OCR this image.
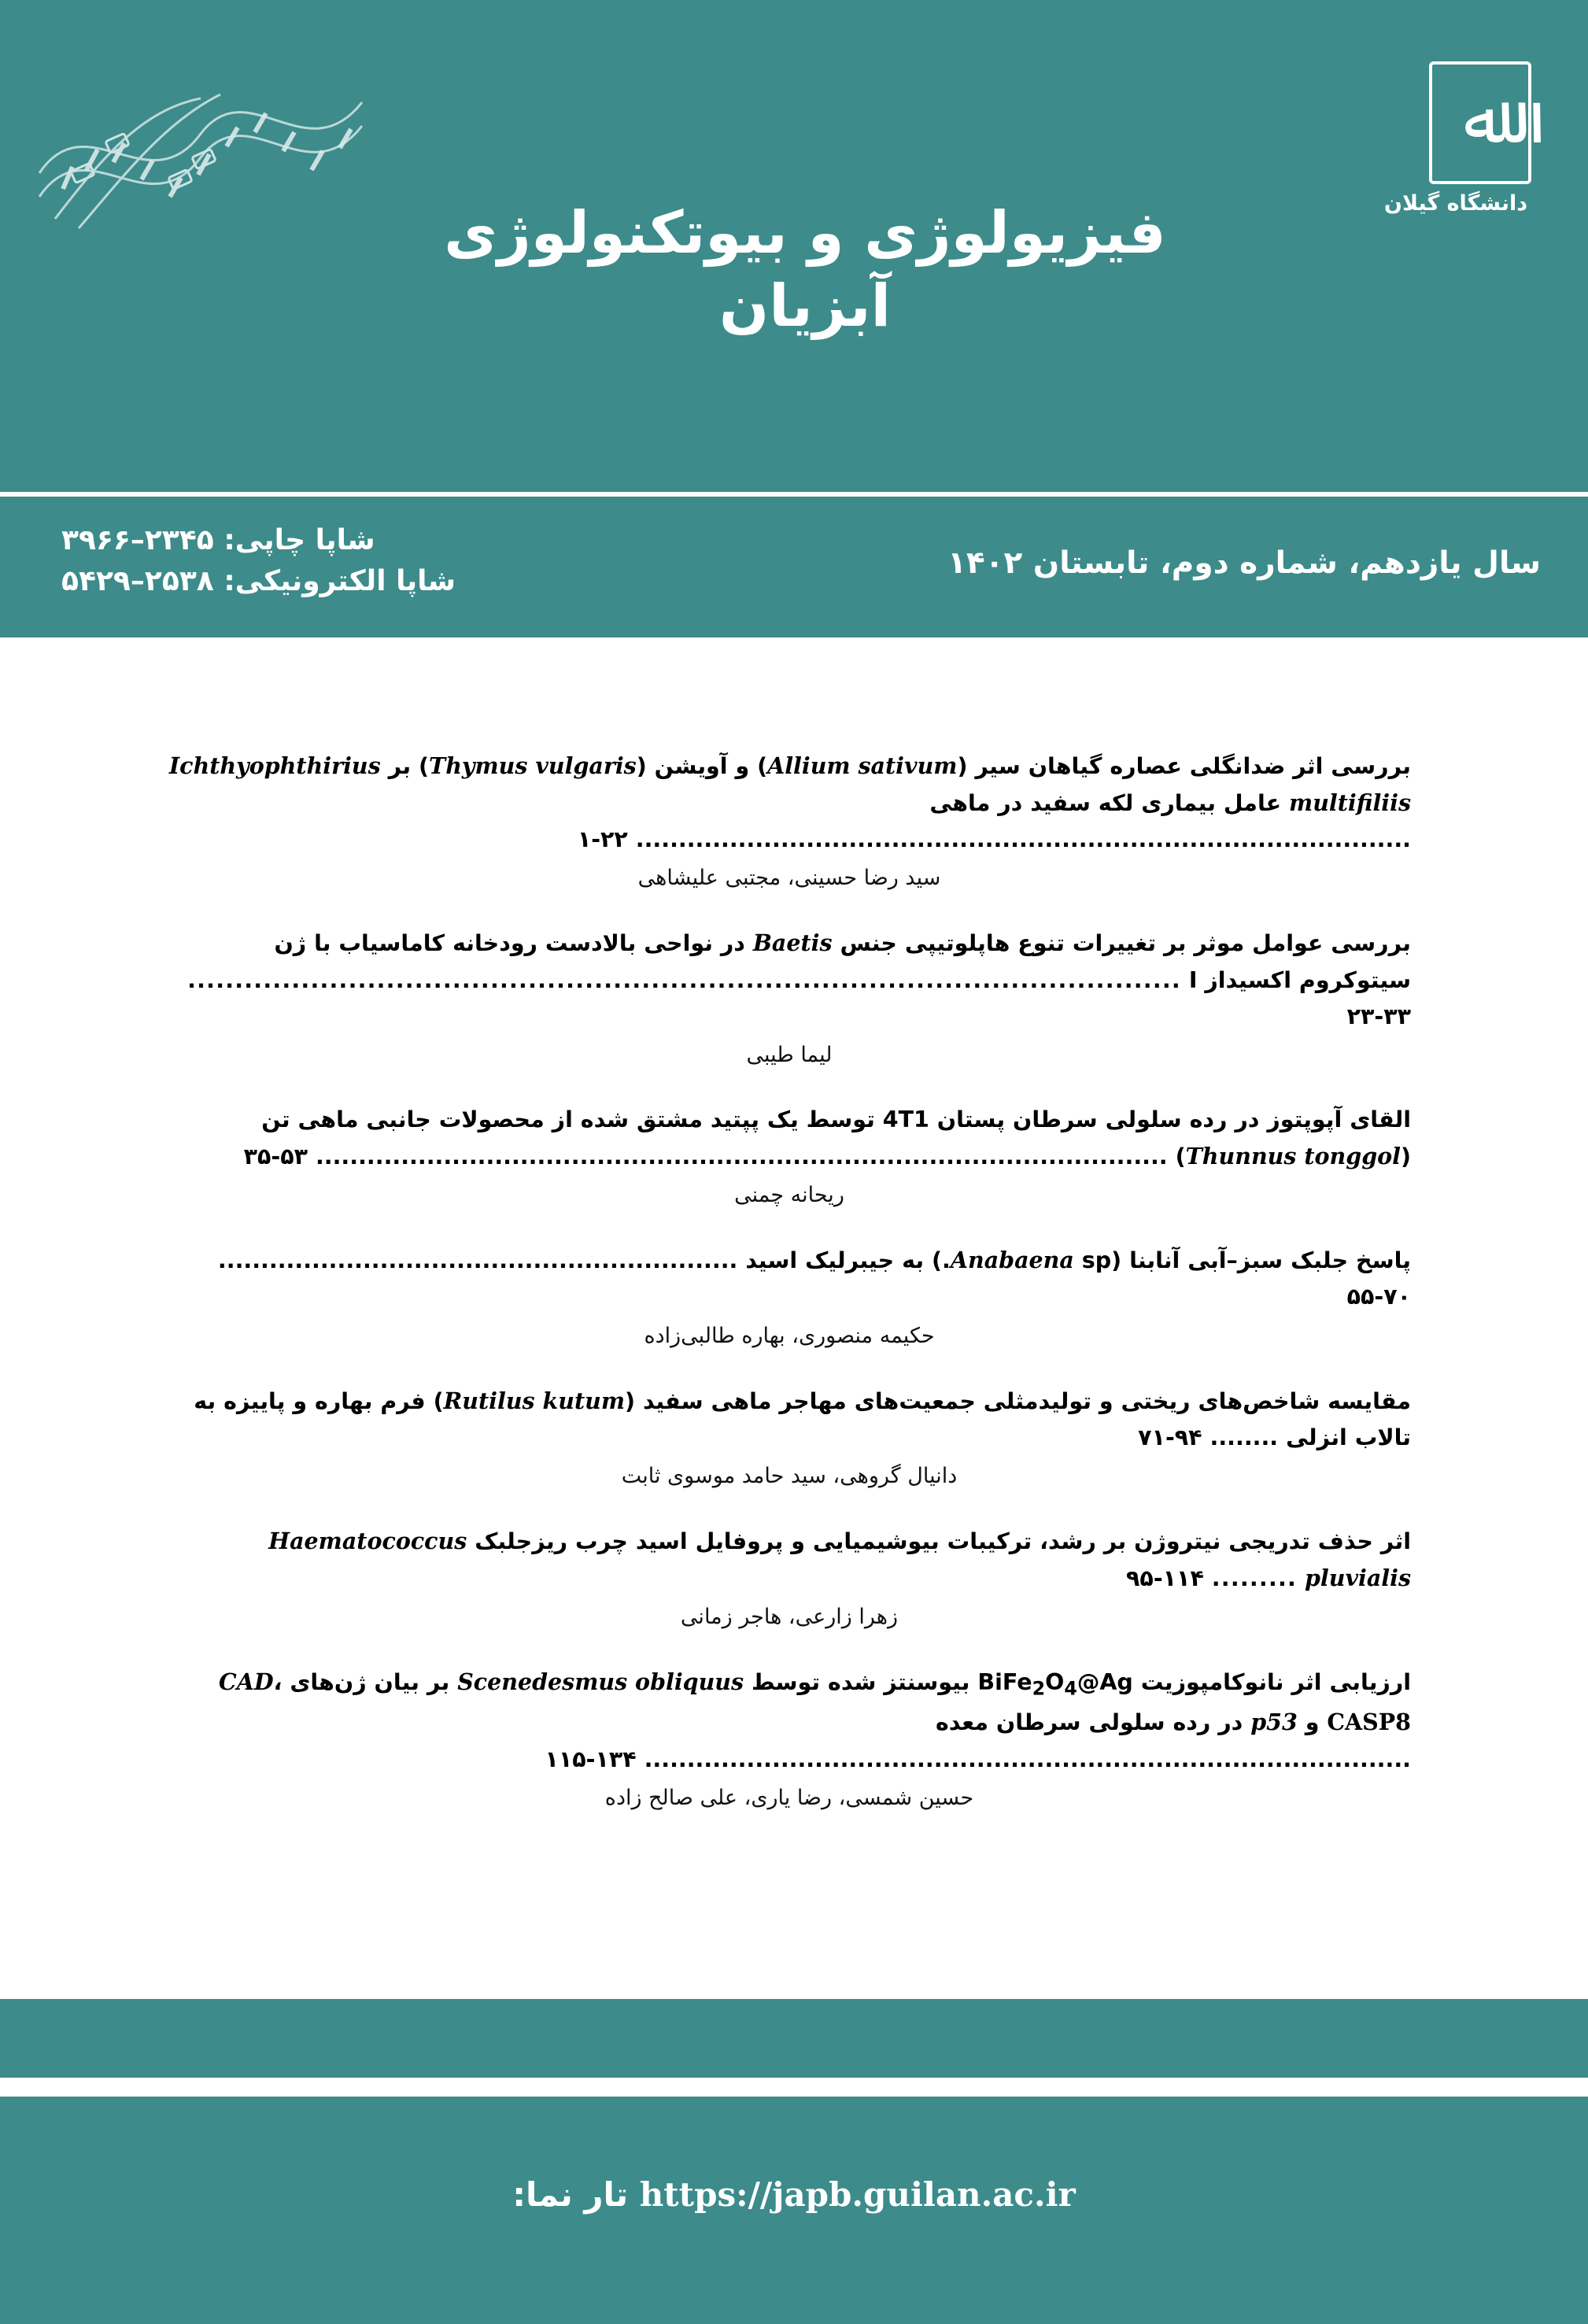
ﷲ
دانشگاه گیلان
فیزیولوژی و بیوتکنولوژی آبزیان
سال یازدهم، شماره دوم، تابستان ۱۴۰۲
شاپا چاپی: ۲۳۴۵–۳۹۶۶
شاپا الکترونیکی: ۲۵۳۸–۵۴۲۹
بررسی اثر ضدانگلی عصاره گیاهان سیر (Allium sativum) و آویشن (Thymus vulgaris) بر Ichthyophthirius multifiliis عامل بیماری لکه سفید در ماهی ........................................................................................... ۱-۲۲
سید رضا حسینی، مجتبی علیشاهی
بررسی عوامل موثر بر تغییرات تنوع هاپلوتیپی جنس Baetis در نواحی بالادست رودخانه کاماسیاب با ژن سیتوکروم اکسیداز I ......................................................................................................... ۲۳-۳۳
لیما طیبی
القای آپوپتوز در رده سلولی سرطان پستان 4T1 توسط یک پپتید مشتق شده از محصولات جانبی ماهی تن (Thunnus tonggol) .................................................................................................... ۳۵-۵۳
ریحانه چمنی
پاسخ جلبک سبز–آبی آنابنا (Anabaena sp.) به جیبرلیک اسید ............................................................. ۵۵-۷۰
حکیمه منصوری، بهاره طالبی‌زاده
مقایسه شاخص‌های ریختی و تولیدمثلی جمعیت‌های مهاجر ماهی سفید (Rutilus kutum) فرم بهاره و پاییزه به تالاب انزلی ........ ۷۱-۹۴
دانیال گروهی، سید حامد موسوی ثابت
اثر حذف تدریجی نیتروژن بر رشد، ترکیبات بیوشیمیایی و پروفایل اسید چرب ریزجلبک Haematococcus pluvialis ......... ۹۵-۱۱۴
زهرا زارعی، هاجر زمانی
ارزیابی اثر نانوکامپوزیت $BiFe_2O_4@Ag$ بیوسنتز شده توسط Scenedesmus obliquus بر بیان ژن‌های CAD، CASP8 و p53 در رده سلولی سرطان معده .......................................................................................... ۱۱۵-۱۳۴
حسین شمسی، رضا یاری، علی صالح زاده
https://japb.guilan.ac.ir تار نما:
